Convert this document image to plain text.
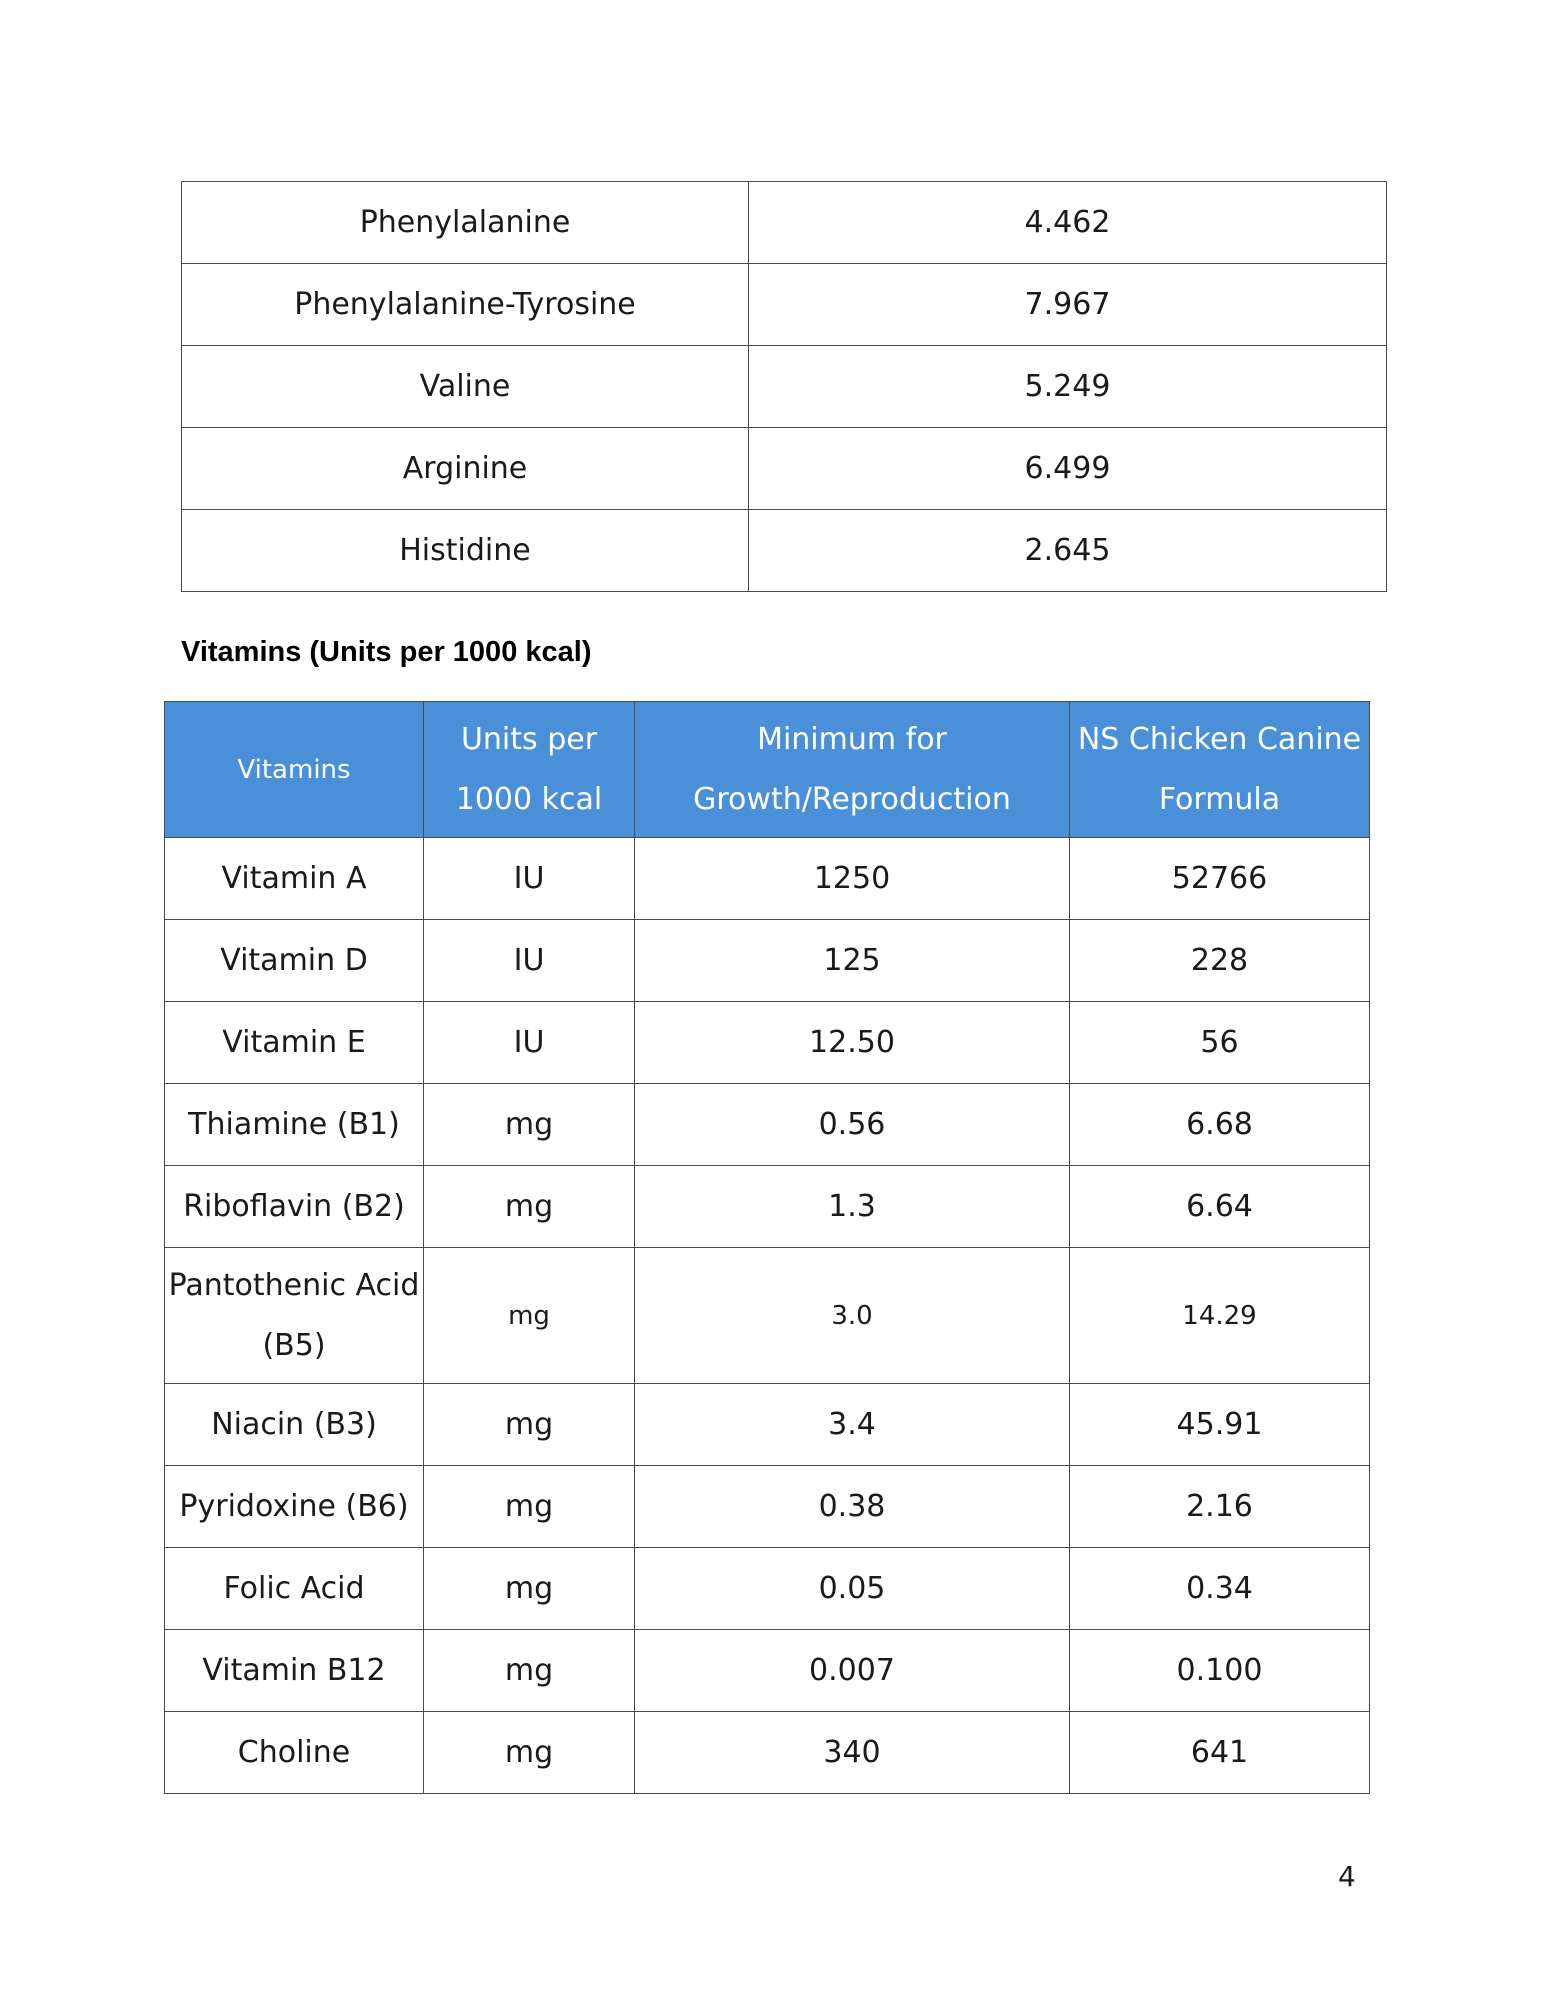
Phenylalanine	4.462
Phenylalanine-Tyrosine	7.967
Valine	5.249
Arginine	6.499
Histidine	2.645
Vitamins (Units per 1000 kcal)
Vitamins	Units per 1000 kcal	Minimum for Growth/Reproduction	NS Chicken Canine Formula
Vitamin A	IU	1250	52766
Vitamin D	IU	125	228
Vitamin E	IU	12.50	56
Thiamine (B1)	mg	0.56	6.68
Riboflavin (B2)	mg	1.3	6.64
Pantothenic Acid (B5)	mg	3.0	14.29
Niacin (B3)	mg	3.4	45.91
Pyridoxine (B6)	mg	0.38	2.16
Folic Acid	mg	0.05	0.34
Vitamin B12	mg	0.007	0.100
Choline	mg	340	641
4
